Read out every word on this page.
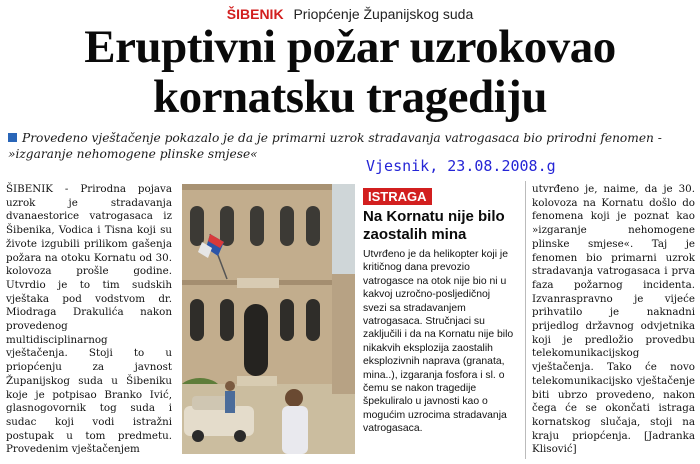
ŠIBENIK Priopćenje Županijskog suda
Eruptivni požar uzrokovao
kornatsku tragediju
Provedeno vještačenje pokazalo je da je primarni uzrok stradavanja vatrogasaca bio prirodni fenomen - »izgaranje nehomogene plinske smjese«
Vjesnik, 23.08.2008.g
ŠIBENIK - Prirodna pojava uzrok je stradavanja dvanaestorice vatrogasaca iz Šibenika, Vodica i Tisna koji su živote izgubili prilikom gašenja požara na otoku Kornatu od 30. kolovoza prošle godine. Utvrdio je to tim sudskih vještaka pod vodstvom dr. Miodraga Drakulića nakon provedenog multidisciplinarnog vještačenja. Stoji to u priopćenju za javnost Županijskog suda u Šibeniku koje je potpisao Branko Ivić, glasnogovornik tog suda i sudac koji vodi istražni postupak u tom predmetu. Provedenim vještačenjem
ISTRAGA
Na Kornatu nije bilo zaostalih mina
Utvrđeno je da helikopter koji je kritičnog dana prevozio vatrogasce na otok nije bio ni u kakvoj uzročno-posljedičnoj svezi sa stradavanjem vatrogasaca. Stručnjaci su zaključili i da na Kornatu nije bilo nikakvih eksplozija zaostalih eksplozivnih naprava (granata, mina..), izgaranja fosfora i sl. o čemu se nakon tragedije špekuliralo u javnosti kao o mogućim uzrocima stradavanja vatrogasaca.
utvrđeno je, naime, da je 30. kolovoza na Kornatu došlo do fenomena koji je poznat kao »izgaranje nehomogene plinske smjese«. Taj je fenomen bio primarni uzrok stradavanja vatrogasaca i prva faza požarnog incidenta. Izvanraspravno je vijeće prihvatilo je naknadni prijedlog državnog odvjetnika koji je predložio provedbu telekomunikacijskog vještačenja. Tako će novo telekomunikacijsko vještačenje biti ubrzo provedeno, nakon čega će se okončati istraga kornatskog slučaja, stoji na kraju priopćenja. [Jadranka Klisović]
